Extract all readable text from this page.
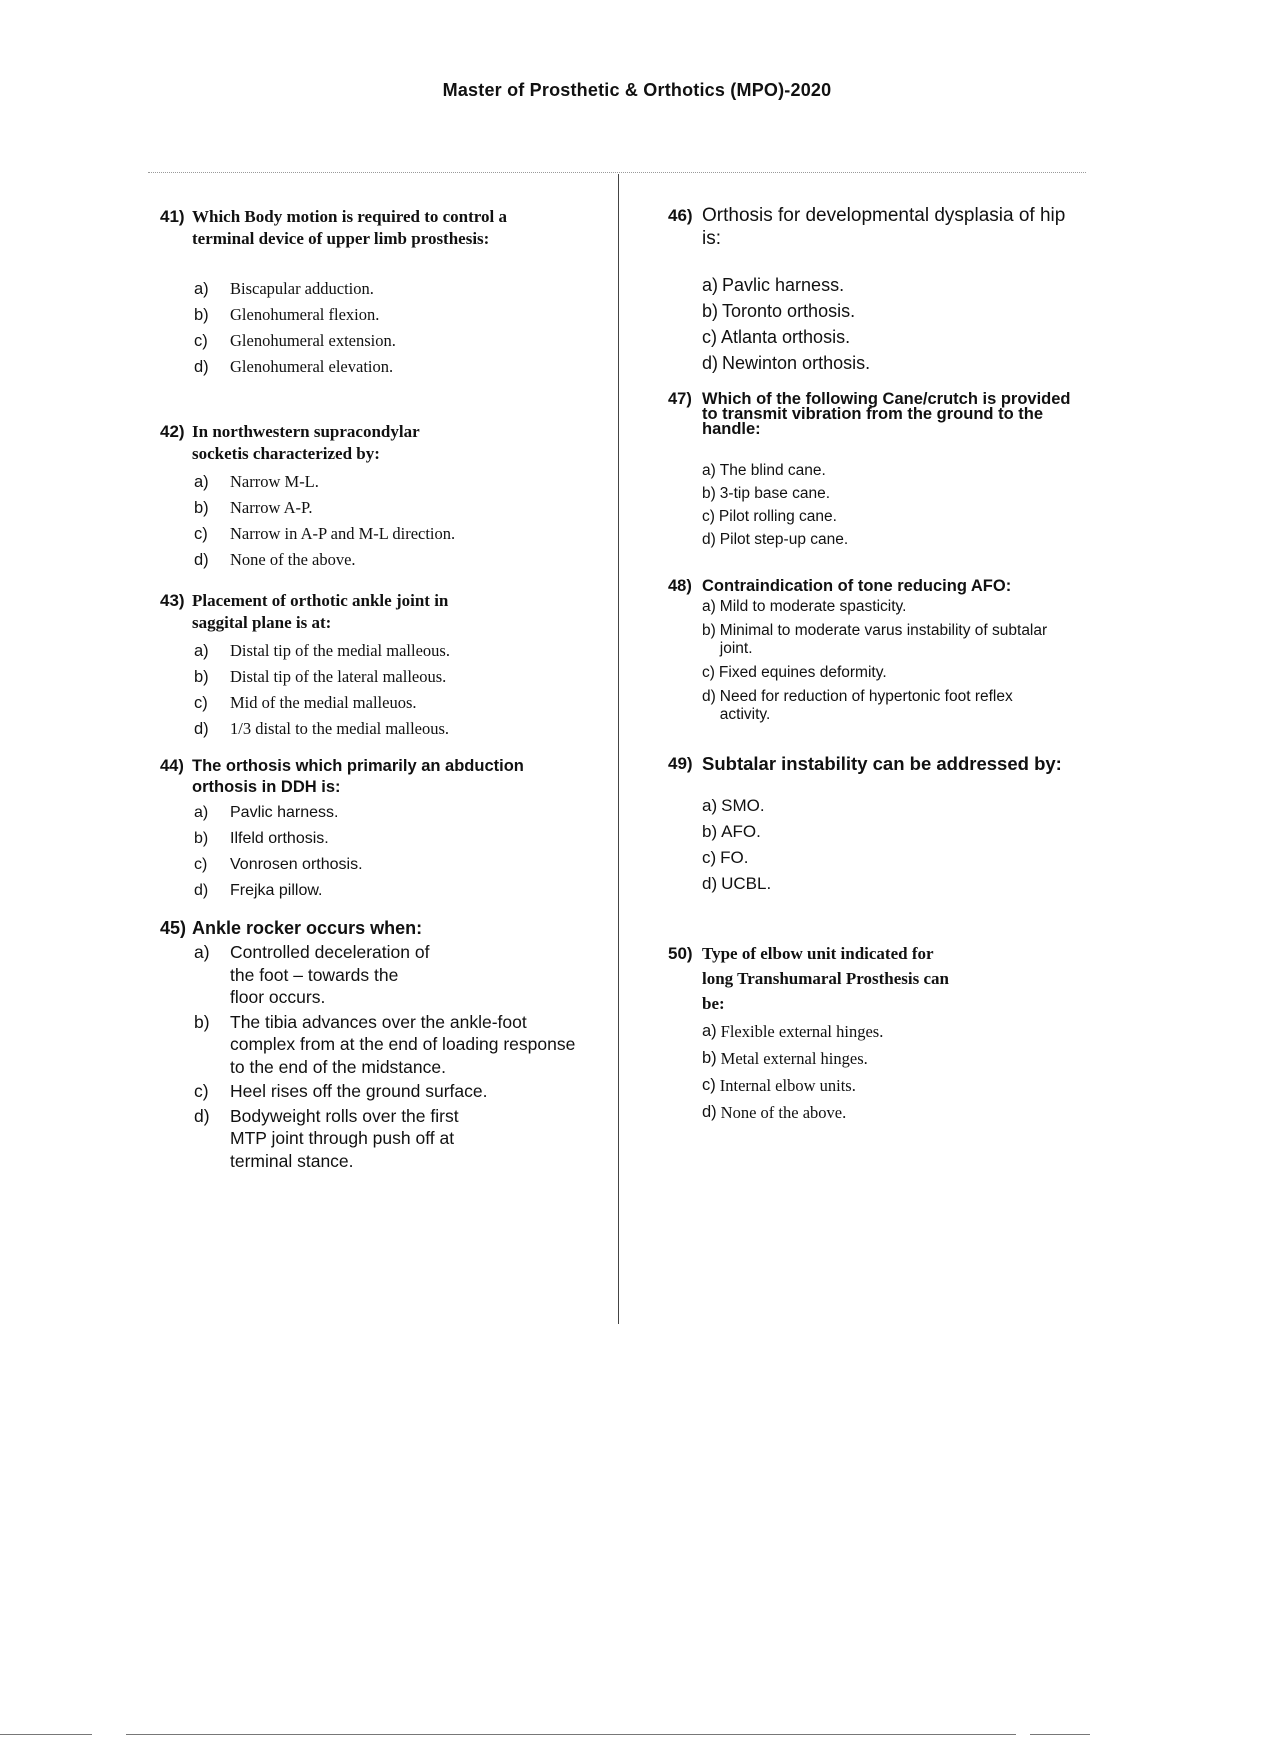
Master of Prosthetic & Orthotics (MPO)-2020
41) Which Body motion is required to control a terminal device of upper limb prosthesis:
a)	Biscapular adduction.
b)	Glenohumeral flexion.
c)	Glenohumeral extension.
d)	Glenohumeral elevation.
42) In northwestern supracondylar socketis characterized by:
a)	Narrow M-L.
b)	Narrow A-P.
c)	Narrow in A-P and M-L direction.
d)	None of the above.
43) Placement of orthotic ankle joint in saggital plane is at:
a)	Distal tip of the medial malleous.
b)	Distal tip of the lateral malleous.
c)	Mid of the medial malleuos.
d)	1/3 distal to the medial malleous.
44) The orthosis which primarily an abduction orthosis in DDH is:
a)	Pavlic harness.
b)	Ilfeld orthosis.
c)	Vonrosen orthosis.
d)	Frejka pillow.
45) Ankle rocker occurs when:
a)	Controlled deceleration of the foot – towards the floor occurs.
b)	The tibia advances over the ankle-foot complex from at the end of loading response to the end of the midstance.
c)	Heel rises off the ground surface.
d)	Bodyweight rolls over the first MTP joint through push off at terminal stance.
46) Orthosis for developmental dysplasia of hip is:
a) Pavlic harness.
b) Toronto orthosis.
c) Atlanta orthosis.
d) Newinton orthosis.
47) Which of the following Cane/crutch is provided to transmit vibration from the ground to the handle:
a) The blind cane.
b) 3-tip base cane.
c) Pilot rolling cane.
d) Pilot step-up cane.
48) Contraindication of tone reducing AFO:
a) Mild to moderate spasticity.
b) Minimal to moderate varus instability of subtalar joint.
c) Fixed equines deformity.
d) Need for reduction of hypertonic foot reflex activity.
49) Subtalar instability can be addressed by:
a) SMO.
b) AFO.
c) FO.
d) UCBL.
50) Type of elbow unit indicated for long Transhumaral Prosthesis can be:
a) Flexible external hinges.
b) Metal external hinges.
c) Internal elbow units.
d) None of the above.
